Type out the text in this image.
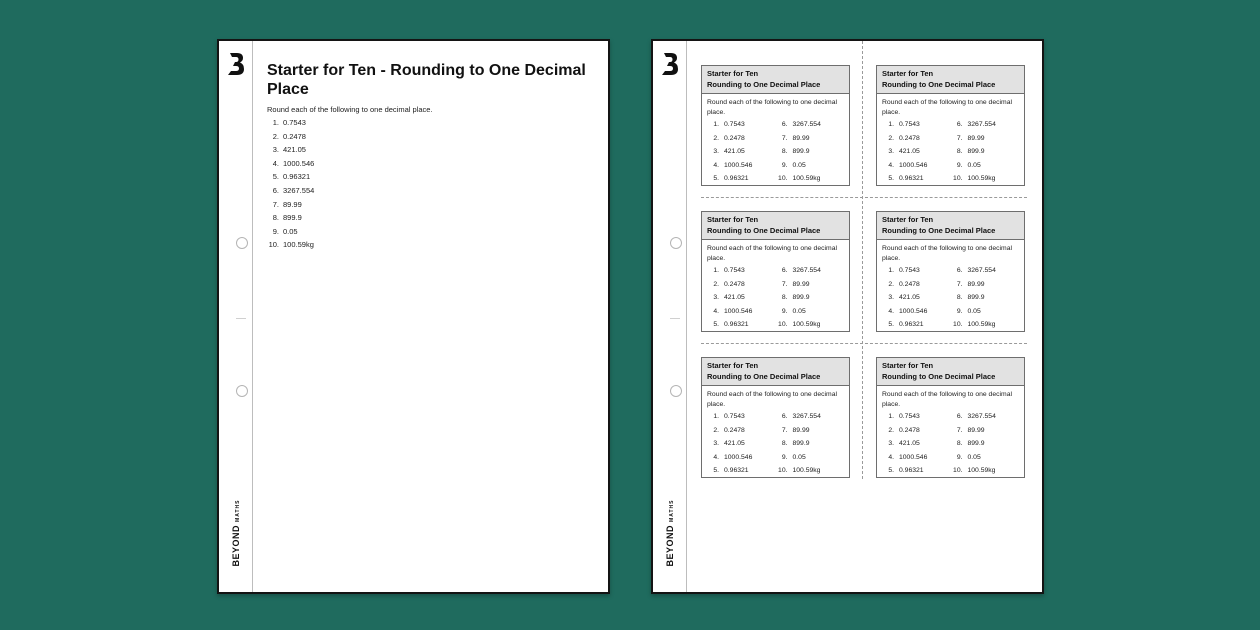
BEYONDMATHS
Starter for Ten - Rounding to One Decimal Place
Round each of the following to one decimal place.
1. 0.7543
2. 0.2478
3. 421.05
4. 1000.546
5. 0.96321
6. 3267.554
7. 89.99
8. 899.9
9. 0.05
10. 100.59kg
BEYONDMATHS
Starter for Ten
Rounding to One Decimal Place
Round each of the following to one decimal place.
1. 0.7543
2. 0.2478
3. 421.05
4. 1000.546
5. 0.96321
6. 3267.554
7. 89.99
8. 899.9
9. 0.05
10. 100.59kg
Starter for Ten
Rounding to One Decimal Place
Round each of the following to one decimal place.
1. 0.7543
2. 0.2478
3. 421.05
4. 1000.546
5. 0.96321
6. 3267.554
7. 89.99
8. 899.9
9. 0.05
10. 100.59kg
Starter for Ten
Rounding to One Decimal Place
Round each of the following to one decimal place.
1. 0.7543
2. 0.2478
3. 421.05
4. 1000.546
5. 0.96321
6. 3267.554
7. 89.99
8. 899.9
9. 0.05
10. 100.59kg
Starter for Ten
Rounding to One Decimal Place
Round each of the following to one decimal place.
1. 0.7543
2. 0.2478
3. 421.05
4. 1000.546
5. 0.96321
6. 3267.554
7. 89.99
8. 899.9
9. 0.05
10. 100.59kg
Starter for Ten
Rounding to One Decimal Place
Round each of the following to one decimal place.
1. 0.7543
2. 0.2478
3. 421.05
4. 1000.546
5. 0.96321
6. 3267.554
7. 89.99
8. 899.9
9. 0.05
10. 100.59kg
Starter for Ten
Rounding to One Decimal Place
Round each of the following to one decimal place.
1. 0.7543
2. 0.2478
3. 421.05
4. 1000.546
5. 0.96321
6. 3267.554
7. 89.99
8. 899.9
9. 0.05
10. 100.59kg
